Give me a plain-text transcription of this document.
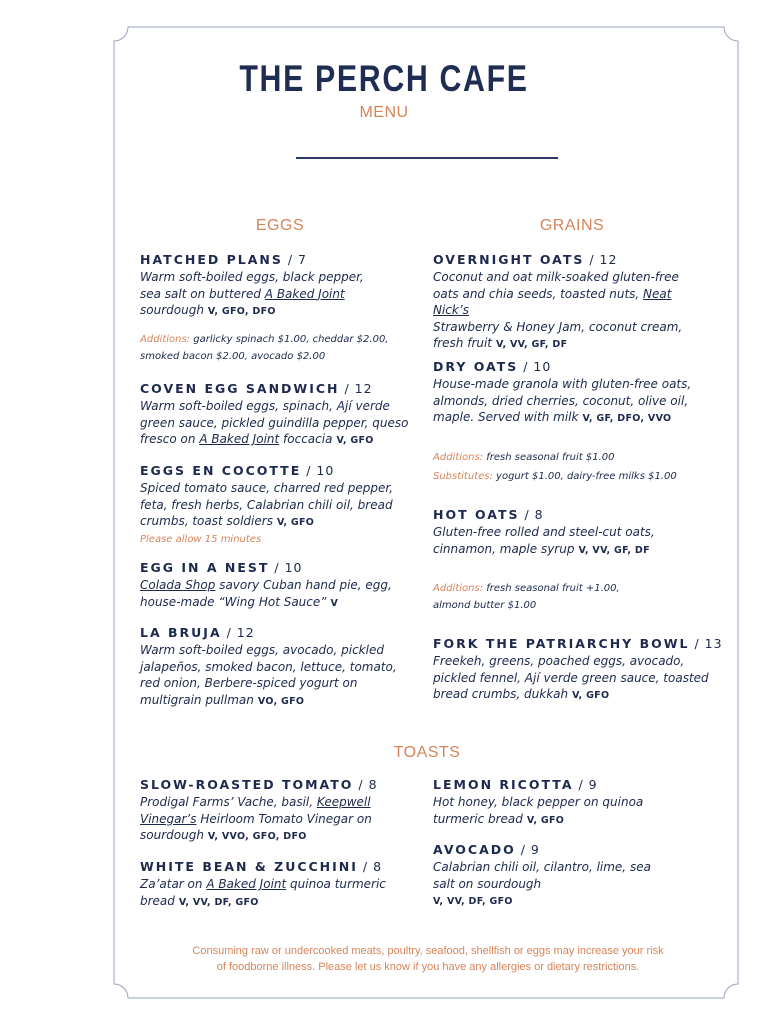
THE PERCH CAFE
MENU
EGGS	GRAINS
TOASTS
HATCHED PLANS / 7
Warm soft-boiled eggs, black pepper,
sea salt on buttered A Baked Joint
sourdough V, GFO, DFO
Additions: garlicky spinach $1.00, cheddar $2.00,
smoked bacon $2.00, avocado $2.00
COVEN EGG SANDWICH / 12
Warm soft-boiled eggs, spinach, Ají verde
green sauce, pickled guindilla pepper, queso
fresco on A Baked Joint foccacia V, GFO
EGGS EN COCOTTE / 10
Spiced tomato sauce, charred red pepper,
feta, fresh herbs, Calabrian chili oil, bread
crumbs, toast soldiers V, GFO
Please allow 15 minutes
EGG IN A NEST / 10
Colada Shop savory Cuban hand pie, egg,
house-made “Wing Hot Sauce” V
LA BRUJA / 12
Warm soft-boiled eggs, avocado, pickled
jalapeños, smoked bacon, lettuce, tomato,
red onion, Berbere-spiced yogurt on
multigrain pullman VO, GFO
OVERNIGHT OATS / 12
Coconut and oat milk-soaked gluten-free
oats and chia seeds, toasted nuts, Neat Nick’s
Strawberry & Honey Jam, coconut cream,
fresh fruit V, VV, GF, DF
DRY OATS / 10
House-made granola with gluten-free oats,
almonds, dried cherries, coconut, olive oil,
maple. Served with milk V, GF, DFO, VVO
Additions: fresh seasonal fruit $1.00
Substitutes: yogurt $1.00, dairy-free milks $1.00
HOT OATS / 8
Gluten-free rolled and steel-cut oats,
cinnamon, maple syrup V, VV, GF, DF
Additions: fresh seasonal fruit +1.00,
almond butter $1.00
FORK THE PATRIARCHY BOWL / 13
Freekeh, greens, poached eggs, avocado,
pickled fennel, Ají verde green sauce, toasted
bread crumbs, dukkah V, GFO
SLOW-ROASTED TOMATO / 8
Prodigal Farms’ Vache, basil, Keepwell
Vinegar’s Heirloom Tomato Vinegar on
sourdough V, VVO, GFO, DFO
WHITE BEAN & ZUCCHINI / 8
Za’atar on A Baked Joint quinoa turmeric
bread V, VV, DF, GFO
LEMON RICOTTA / 9
Hot honey, black pepper on quinoa
turmeric bread V, GFO
AVOCADO / 9
Calabrian chili oil, cilantro, lime, sea
salt on sourdough
V, VV, DF, GFO
Consuming raw or undercooked meats, poultry, seafood, shellfish or eggs may increase your risk
of foodborne illness. Please let us know if you have any allergies or dietary restrictions.
